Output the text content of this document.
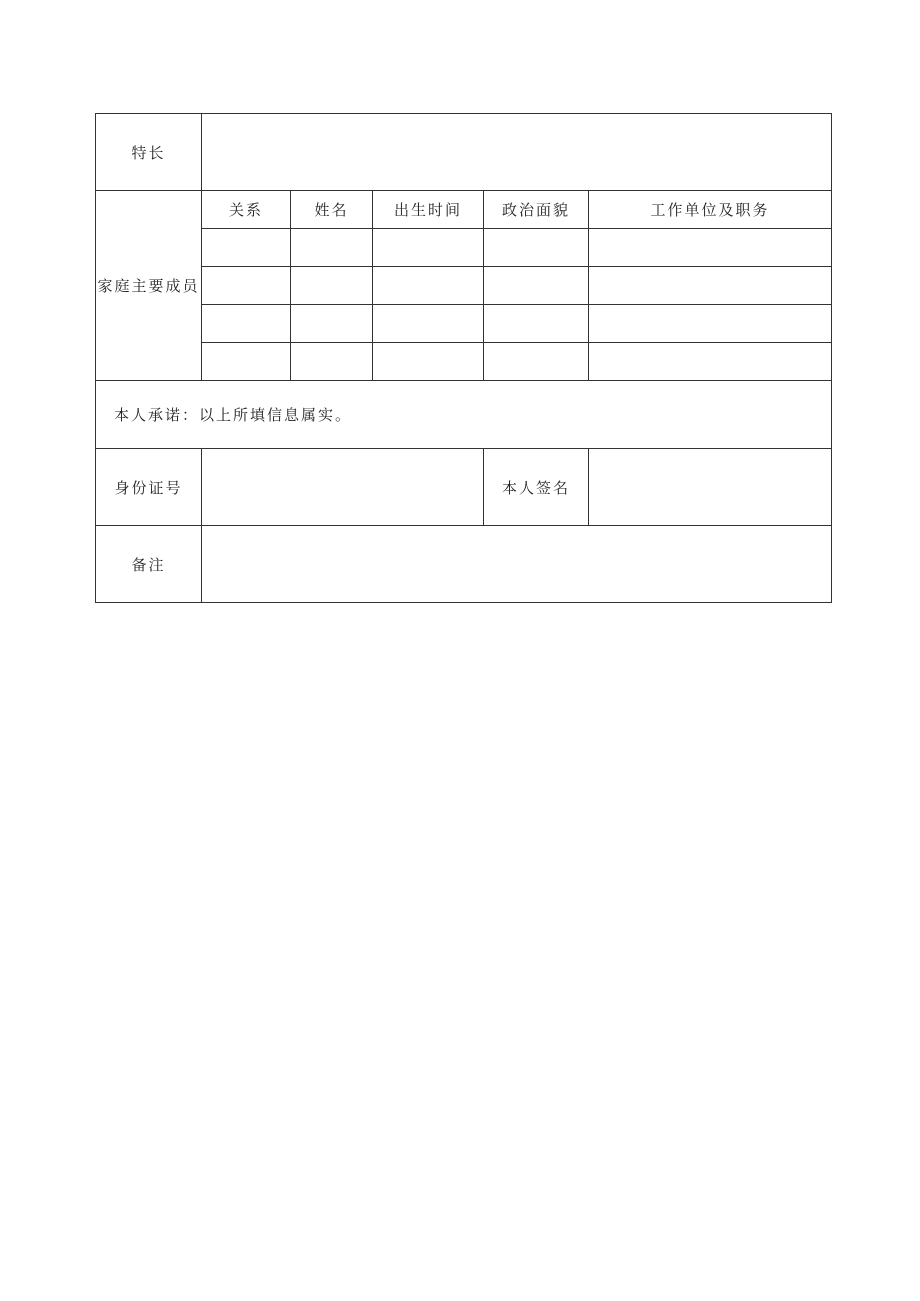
特长					
家庭主要成员	关系	姓名	出生时间	政治面貌	工作单位及职务

本人承诺：以上所填信息属实。					
身份证号				本人签名	
备注					
